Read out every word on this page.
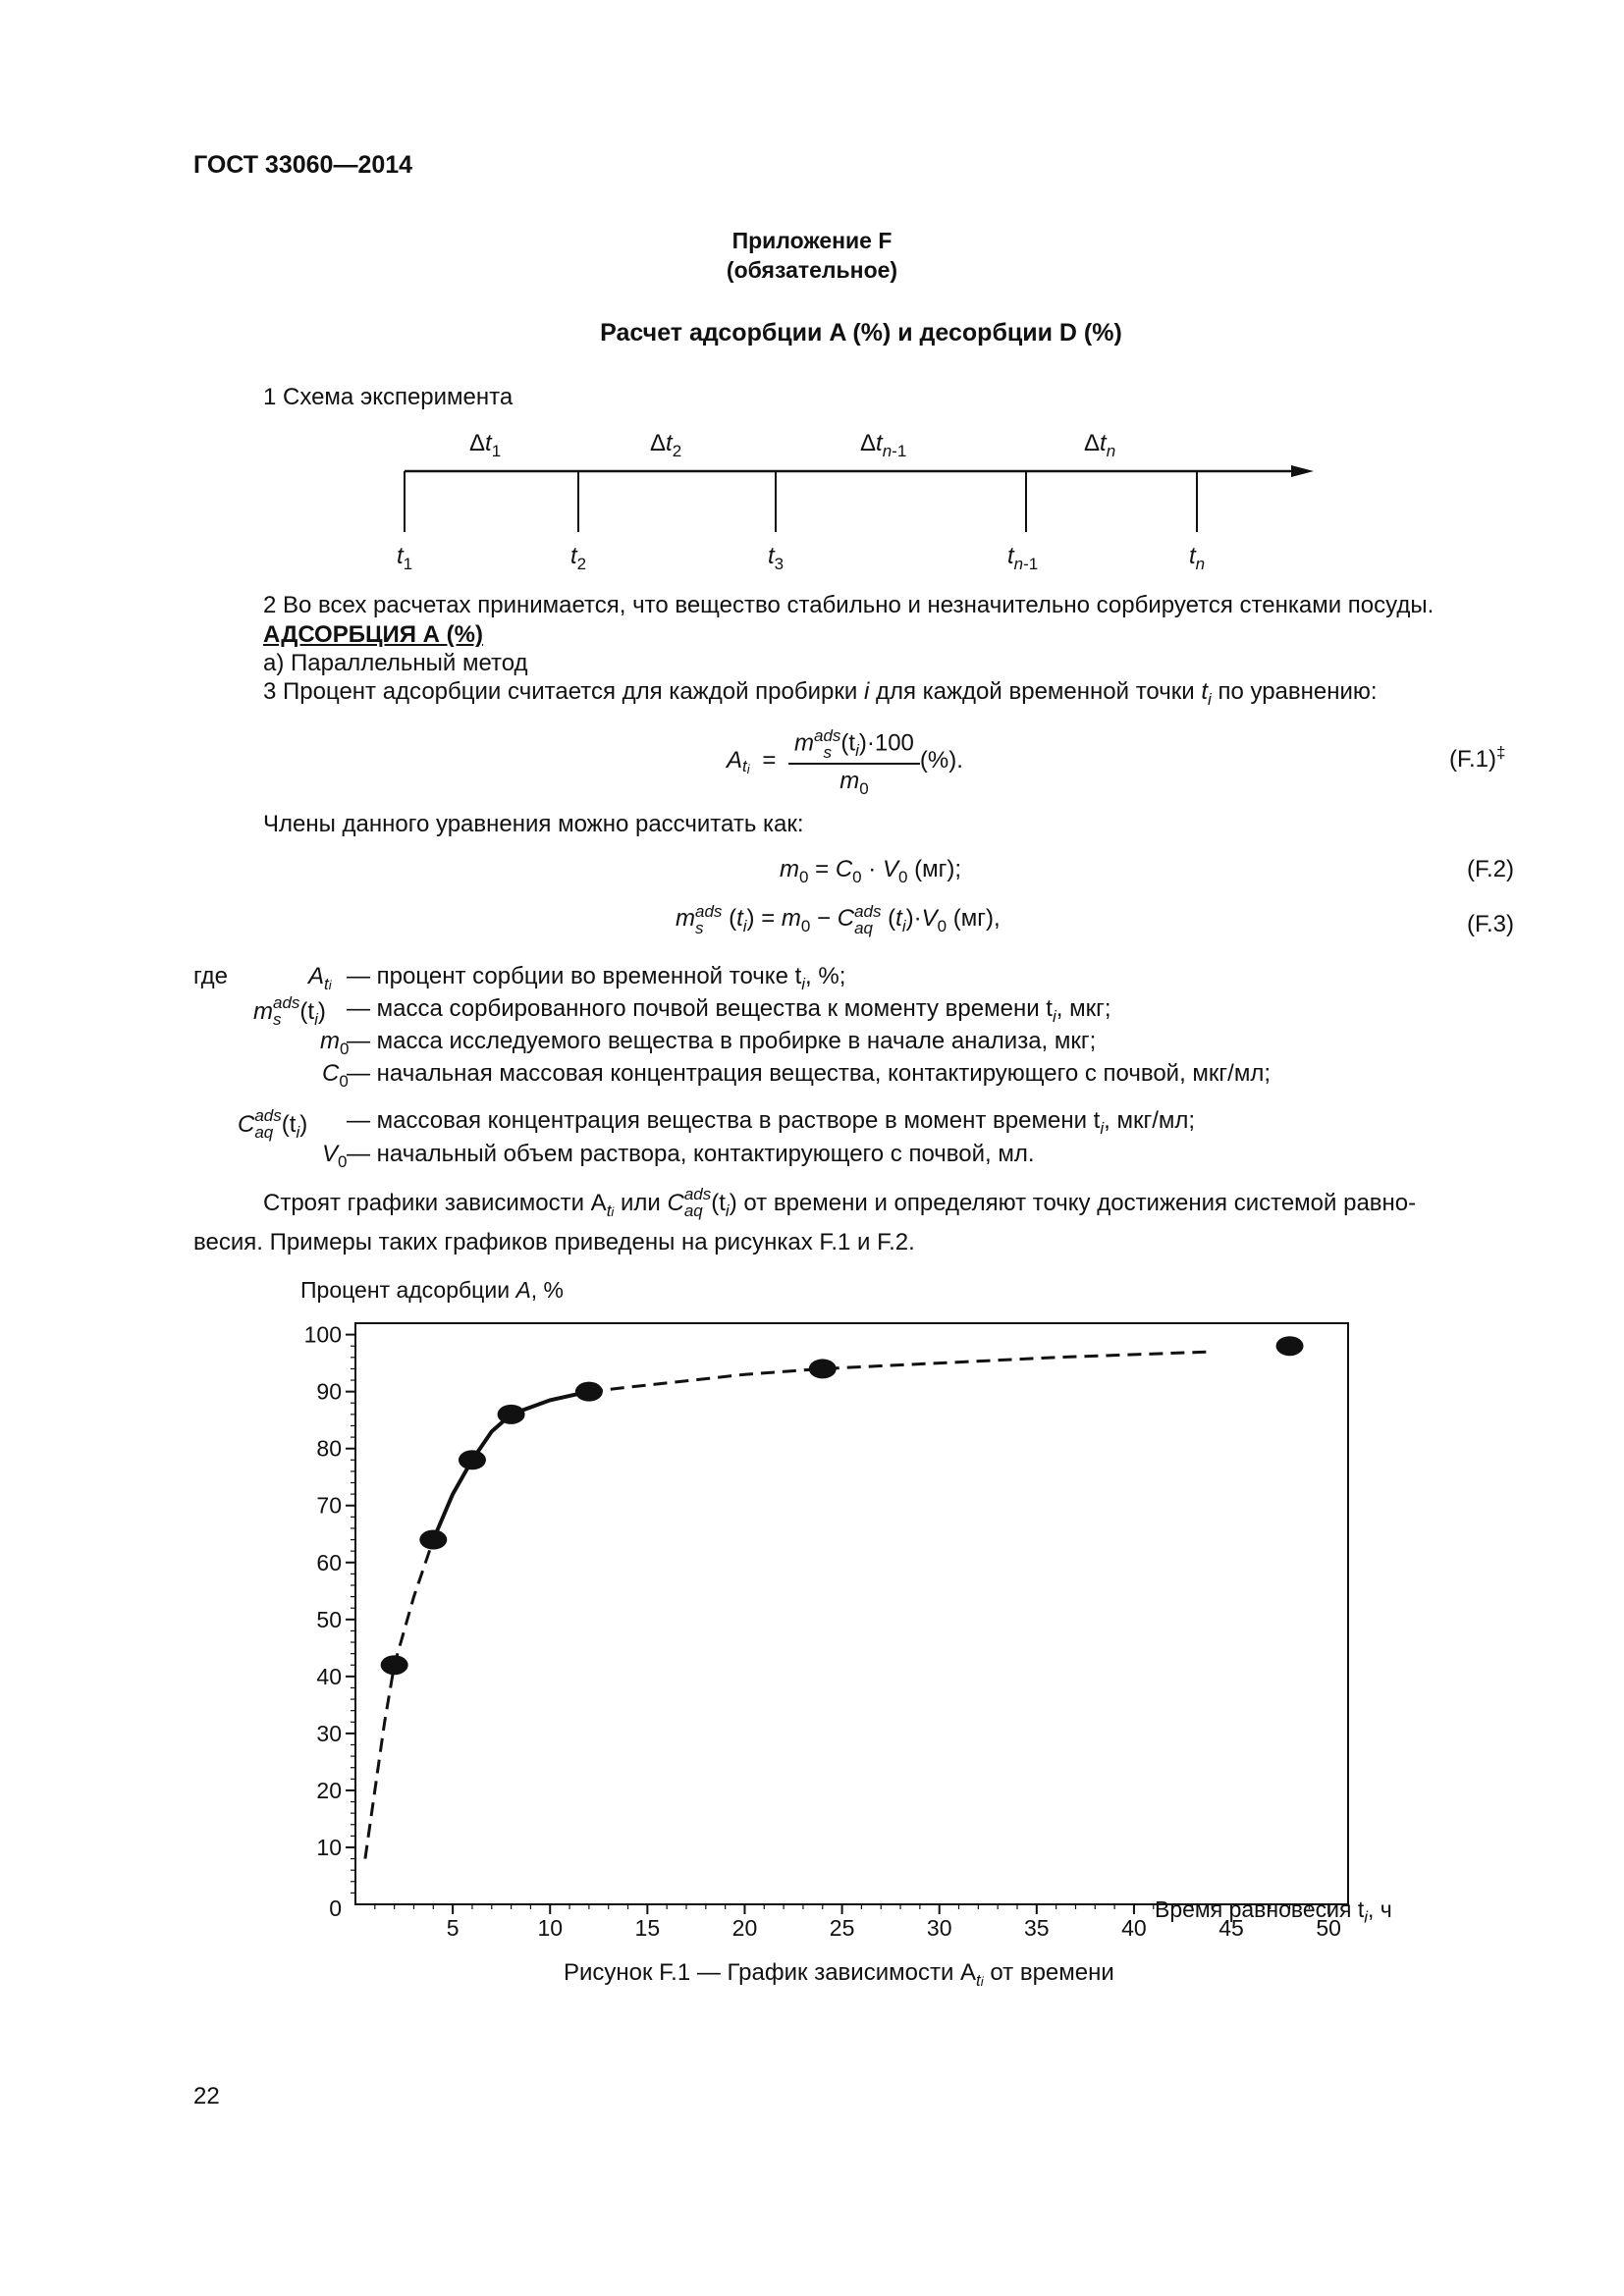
ГОСТ 33060—2014
Приложение F
(обязательное)
Расчет адсорбции A (%) и десорбции D (%)
1 Схема эксперимента
$\Delta t_1$	$\Delta t_2$	$\Delta t_{n-1}$	$\Delta t_n$
$t_1$	$t_2$	$t_3$	$t_{n-1}$	$t_n$
2 Во всех расчетах принимается, что вещество стабильно и незначительно сорбируется стенками посуды.
АДСОРБЦИЯ А (%)
а) Параллельный метод
3 Процент адсорбции считается для каждой пробирки i для каждой временной точки $t_i$ по уравнению:
A t $_i$ = m ads
s $(t_i)\cdot 100$
$m_0$ (%).	(F.1)‡
Члены данного уравнения можно рассчитать как:
$m_0 = C_0 \cdot V_0$ (мг);	(F.2)
m ads
s $(t_i) = m_0 - C$ ads
aq $(t_i)\cdot V_0$ (мг),	(F.3)
где	$A_{ti}$ — процент сорбции во временной точке $t_i$, %;
m ads
s $(t_i)$ — масса сорбированного почвой вещества к моменту времени $t_i$, мкг;
$m_0$
— масса исследуемого вещества в пробирке в начале анализа, мкг;
$C_0$
— начальная массовая концентрация вещества, контактирующего с почвой, мкг/мл;
C ads
aq $(t_i)$ — массовая концентрация вещества в растворе в момент времени $t_i$, мкг/мл;
$V_0$ — начальный объем раствора, контактирующего с почвой, мл.
Строят графики зависимости $A_{ti}$ или C ads
aq $(t_i)$ от времени и определяют точку достижения системой равно-
весия. Примеры таких графиков приведены на рисунках F.1 и F.2.
Процент адсорбции A, %
10
20
30
40
50
60
70
80
90
100
0
5	10	15	20	25	30	35	40	45	50
Время равновесия $t_i$, ч
Рисунок F.1 — График зависимости $A_{ti}$ от времени
22
